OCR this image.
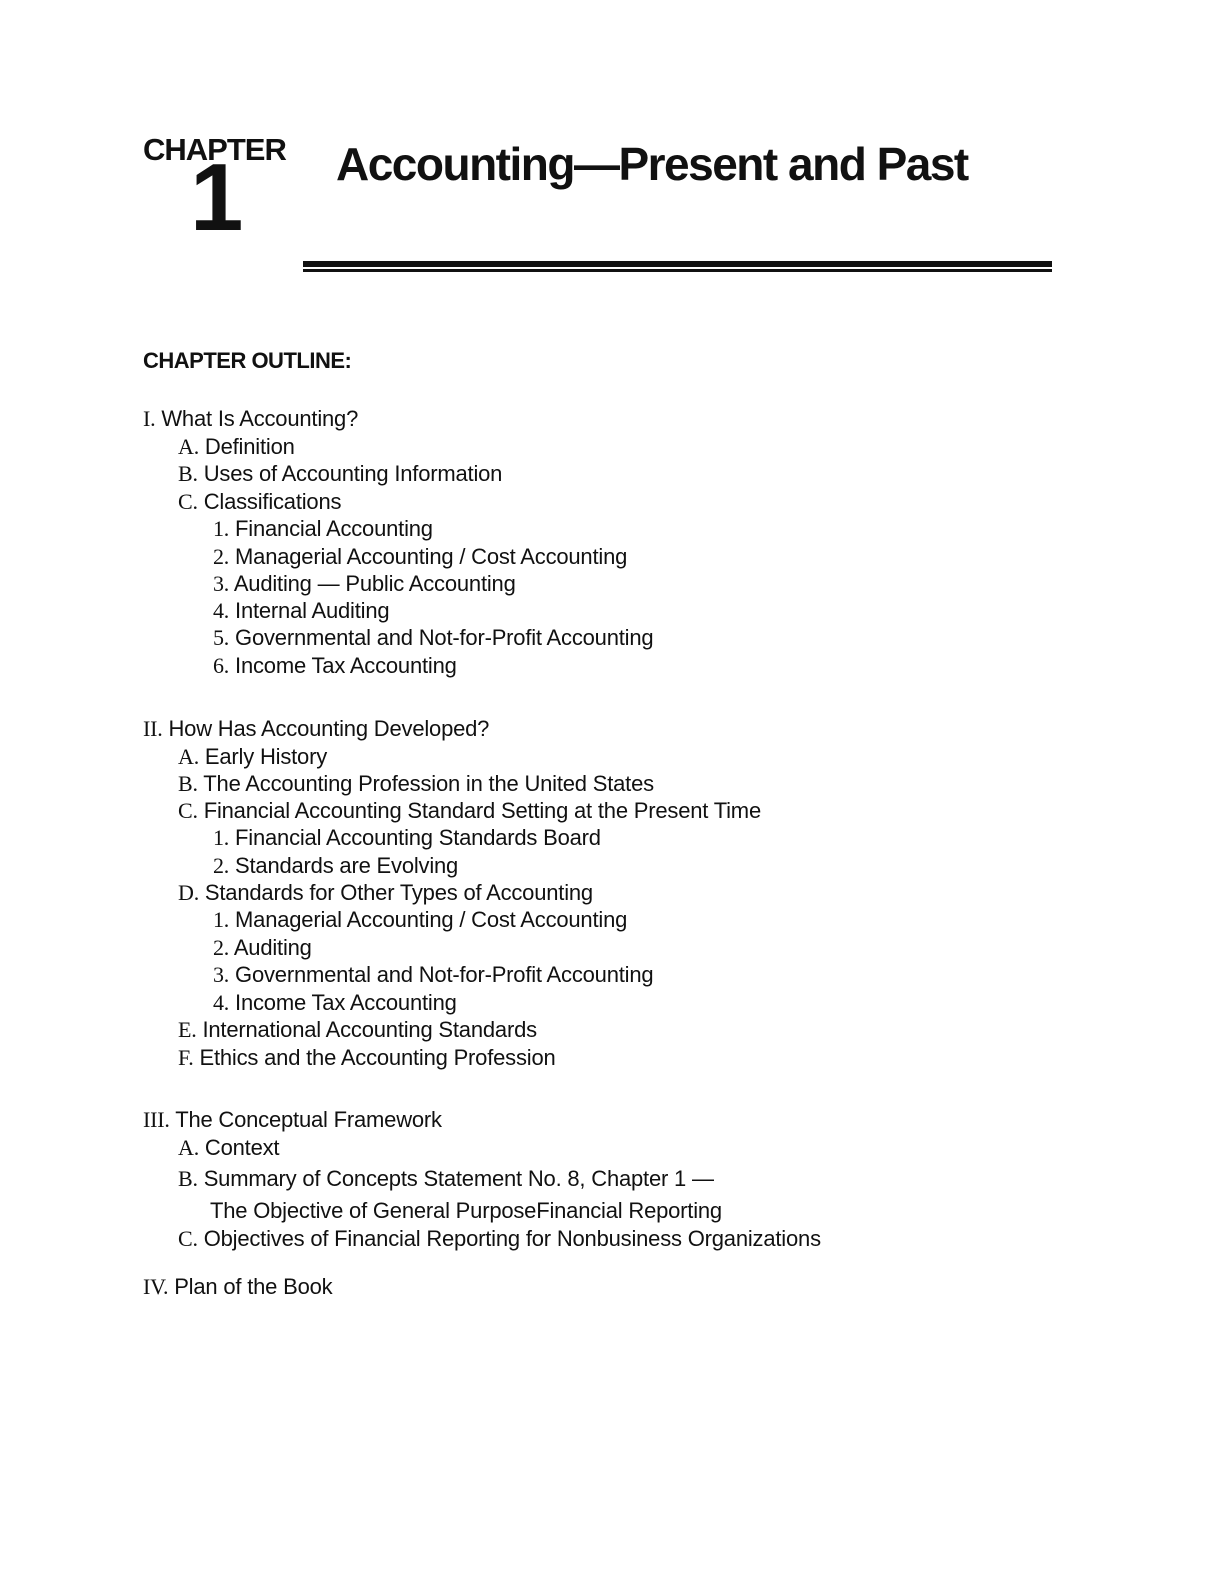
CHAPTER
1 Accounting—Present and Past
CHAPTER OUTLINE:
I. What Is Accounting?
A. Definition
B. Uses of Accounting Information
C. Classifications
1. Financial Accounting
2. Managerial Accounting / Cost Accounting
3. Auditing — Public Accounting
4. Internal Auditing
5. Governmental and Not-for-Profit Accounting
6. Income Tax Accounting
II. How Has Accounting Developed?
A. Early History
B. The Accounting Profession in the United States
C. Financial Accounting Standard Setting at the Present Time
1. Financial Accounting Standards Board
2. Standards are Evolving
D. Standards for Other Types of Accounting
1. Managerial Accounting / Cost Accounting
2. Auditing
3. Governmental and Not-for-Profit Accounting
4. Income Tax Accounting
E. International Accounting Standards
F. Ethics and the Accounting Profession
III. The Conceptual Framework
A. Context
B. Summary of Concepts Statement No. 8, Chapter 1 —
The Objective of General PurposeFinancial Reporting
C. Objectives of Financial Reporting for Nonbusiness Organizations
IV. Plan of the Book
